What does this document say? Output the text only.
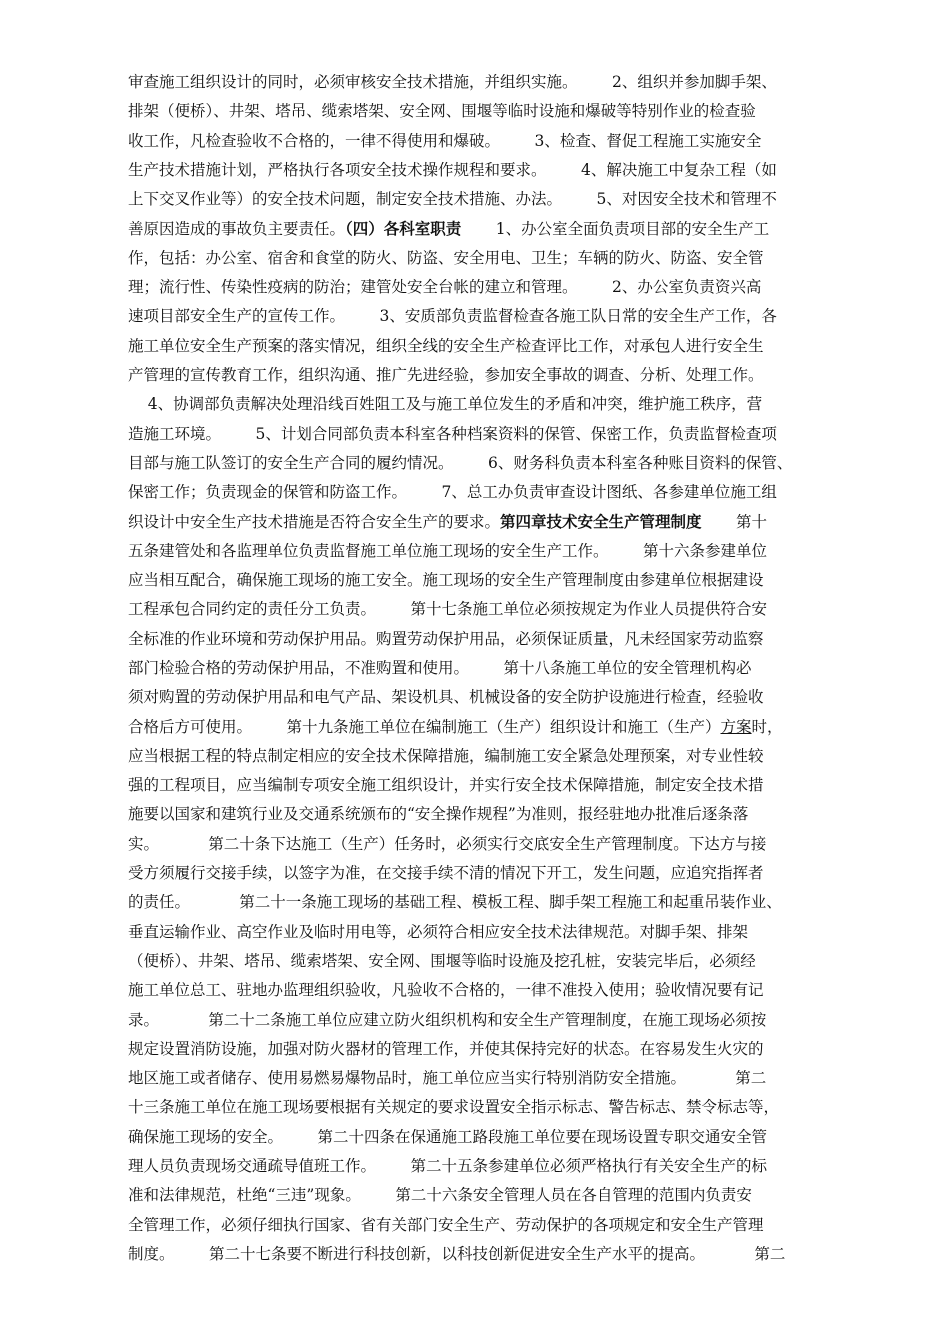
审查施工组织设计的同时，必须审核安全技术措施，并组织实施。 2、组织并参加脚手架、
排架（便桥）、井架、塔吊、缆索塔架、安全网、围堰等临时设施和爆破等特别作业的检查验
收工作，凡检查验收不合格的，一律不得使用和爆破。 3、检查、督促工程施工实施安全
生产技术措施计划，严格执行各项安全技术操作规程和要求。 4、解决施工中复杂工程（如
上下交叉作业等）的安全技术问题，制定安全技术措施、办法。 5、对因安全技术和管理不
善原因造成的事故负主要责任。（四）各科室职责 1、办公室全面负责项目部的安全生产工
作，包括：办公室、宿舍和食堂的防火、防盗、安全用电、卫生；车辆的防火、防盗、安全管
理；流行性、传染性疫病的防治；建管处安全台帐的建立和管理。 2、办公室负责资兴高
速项目部安全生产的宣传工作。 3、安质部负责监督检查各施工队日常的安全生产工作，各
施工单位安全生产预案的落实情况，组织全线的安全生产检查评比工作，对承包人进行安全生
产管理的宣传教育工作，组织沟通、推广先进经验，参加安全事故的调查、分析、处理工作。
4、协调部负责解决处理沿线百姓阻工及与施工单位发生的矛盾和冲突，维护施工秩序，营
造施工环境。 5、计划合同部负责本科室各种档案资料的保管、保密工作，负责监督检查项
目部与施工队签订的安全生产合同的履约情况。 6、财务科负责本科室各种账目资料的保管、
保密工作；负责现金的保管和防盗工作。 7、总工办负责审查设计图纸、各参建单位施工组
织设计中安全生产技术措施是否符合安全生产的要求。第四章技术安全生产管理制度 第十
五条建管处和各监理单位负责监督施工单位施工现场的安全生产工作。 第十六条参建单位
应当相互配合，确保施工现场的施工安全。施工现场的安全生产管理制度由参建单位根据建设
工程承包合同约定的责任分工负责。 第十七条施工单位必须按规定为作业人员提供符合安
全标准的作业环境和劳动保护用品。购置劳动保护用品，必须保证质量，凡未经国家劳动监察
部门检验合格的劳动保护用品，不准购置和使用。 第十八条施工单位的安全管理机构必
须对购置的劳动保护用品和电气产品、架设机具、机械设备的安全防护设施进行检查，经验收
合格后方可使用。 第十九条施工单位在编制施工（生产）组织设计和施工（生产）方案时，
应当根据工程的特点制定相应的安全技术保障措施，编制施工安全紧急处理预案，对专业性较
强的工程项目，应当编制专项安全施工组织设计，并实行安全技术保障措施，制定安全技术措
施要以国家和建筑行业及交通系统颁布的“安全操作规程”为准则，报经驻地办批准后逐条落
实。	第二十条下达施工（生产）任务时，必须实行交底安全生产管理制度。下达方与接
受方须履行交接手续，以签字为准，在交接手续不清的情况下开工，发生问题，应追究指挥者
的责任。	第二十一条施工现场的基础工程、模板工程、脚手架工程施工和起重吊装作业、
垂直运输作业、高空作业及临时用电等，必须符合相应安全技术法律规范。对脚手架、排架
（便桥）、井架、塔吊、缆索塔架、安全网、围堰等临时设施及挖孔桩，安装完毕后，必须经
施工单位总工、驻地办监理组织验收，凡验收不合格的，一律不准投入使用；验收情况要有记
录。	第二十二条施工单位应建立防火组织机构和安全生产管理制度，在施工现场必须按
规定设置消防设施，加强对防火器材的管理工作，并使其保持完好的状态。在容易发生火灾的
地区施工或者储存、使用易燃易爆物品时，施工单位应当实行特别消防安全措施。	第二
十三条施工单位在施工现场要根据有关规定的要求设置安全指示标志、警告标志、禁令标志等，
确保施工现场的安全。 第二十四条在保通施工路段施工单位要在现场设置专职交通安全管
理人员负责现场交通疏导值班工作。 第二十五条参建单位必须严格执行有关安全生产的标
准和法律规范，杜绝“三违”现象。 第二十六条安全管理人员在各自管理的范围内负责安
全管理工作，必须仔细执行国家、省有关部门安全生产、劳动保护的各项规定和安全生产管理
制度。 第二十七条要不断进行科技创新，以科技创新促进安全生产水平的提高。	第二
